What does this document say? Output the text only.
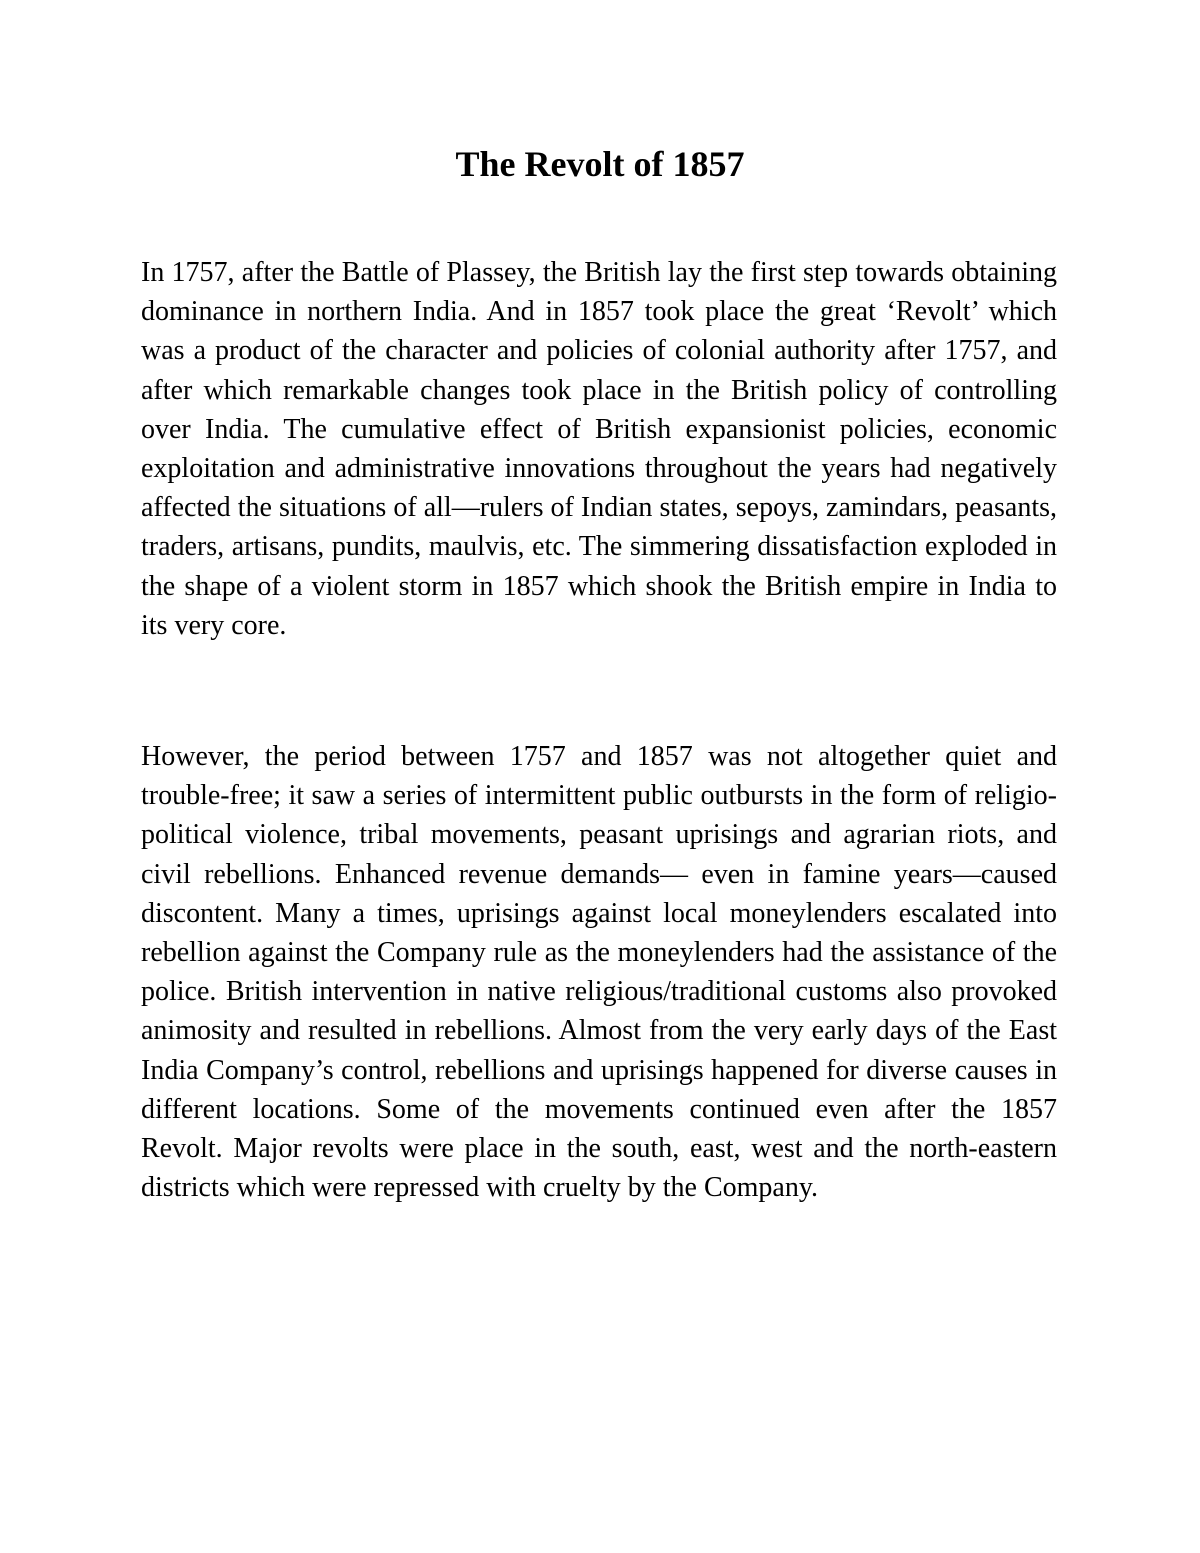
The Revolt of 1857

In 1757, after the Battle of Plassey, the British lay the first step towards obtaining dominance in northern India. And in 1857 took place the great ‘Revolt’ which was a product of the character and policies of colonial authority after 1757, and after which remarkable changes took place in the British policy of controlling over India. The cumulative effect of British expansionist policies, economic exploitation and administrative innovations throughout the years had negatively affected the situations of all—rulers of Indian states, sepoys, zamindars, peasants, traders, artisans, pundits, maulvis, etc. The simmering dissatisfaction exploded in the shape of a violent storm in 1857 which shook the British empire in India to its very core.

However, the period between 1757 and 1857 was not altogether quiet and trouble-free; it saw a series of intermittent public outbursts in the form of religio-political violence, tribal movements, peasant uprisings and agrarian riots, and civil rebellions. Enhanced revenue demands— even in famine years—caused discontent. Many a times, uprisings against local moneylenders escalated into rebellion against the Company rule as the moneylenders had the assistance of the police. British intervention in native religious/traditional customs also provoked animosity and resulted in rebellions. Almost from the very early days of the East India Company’s control, rebellions and uprisings happened for diverse causes in different locations. Some of the movements continued even after the 1857 Revolt. Major revolts were place in the south, east, west and the north-eastern districts which were repressed with cruelty by the Company.
